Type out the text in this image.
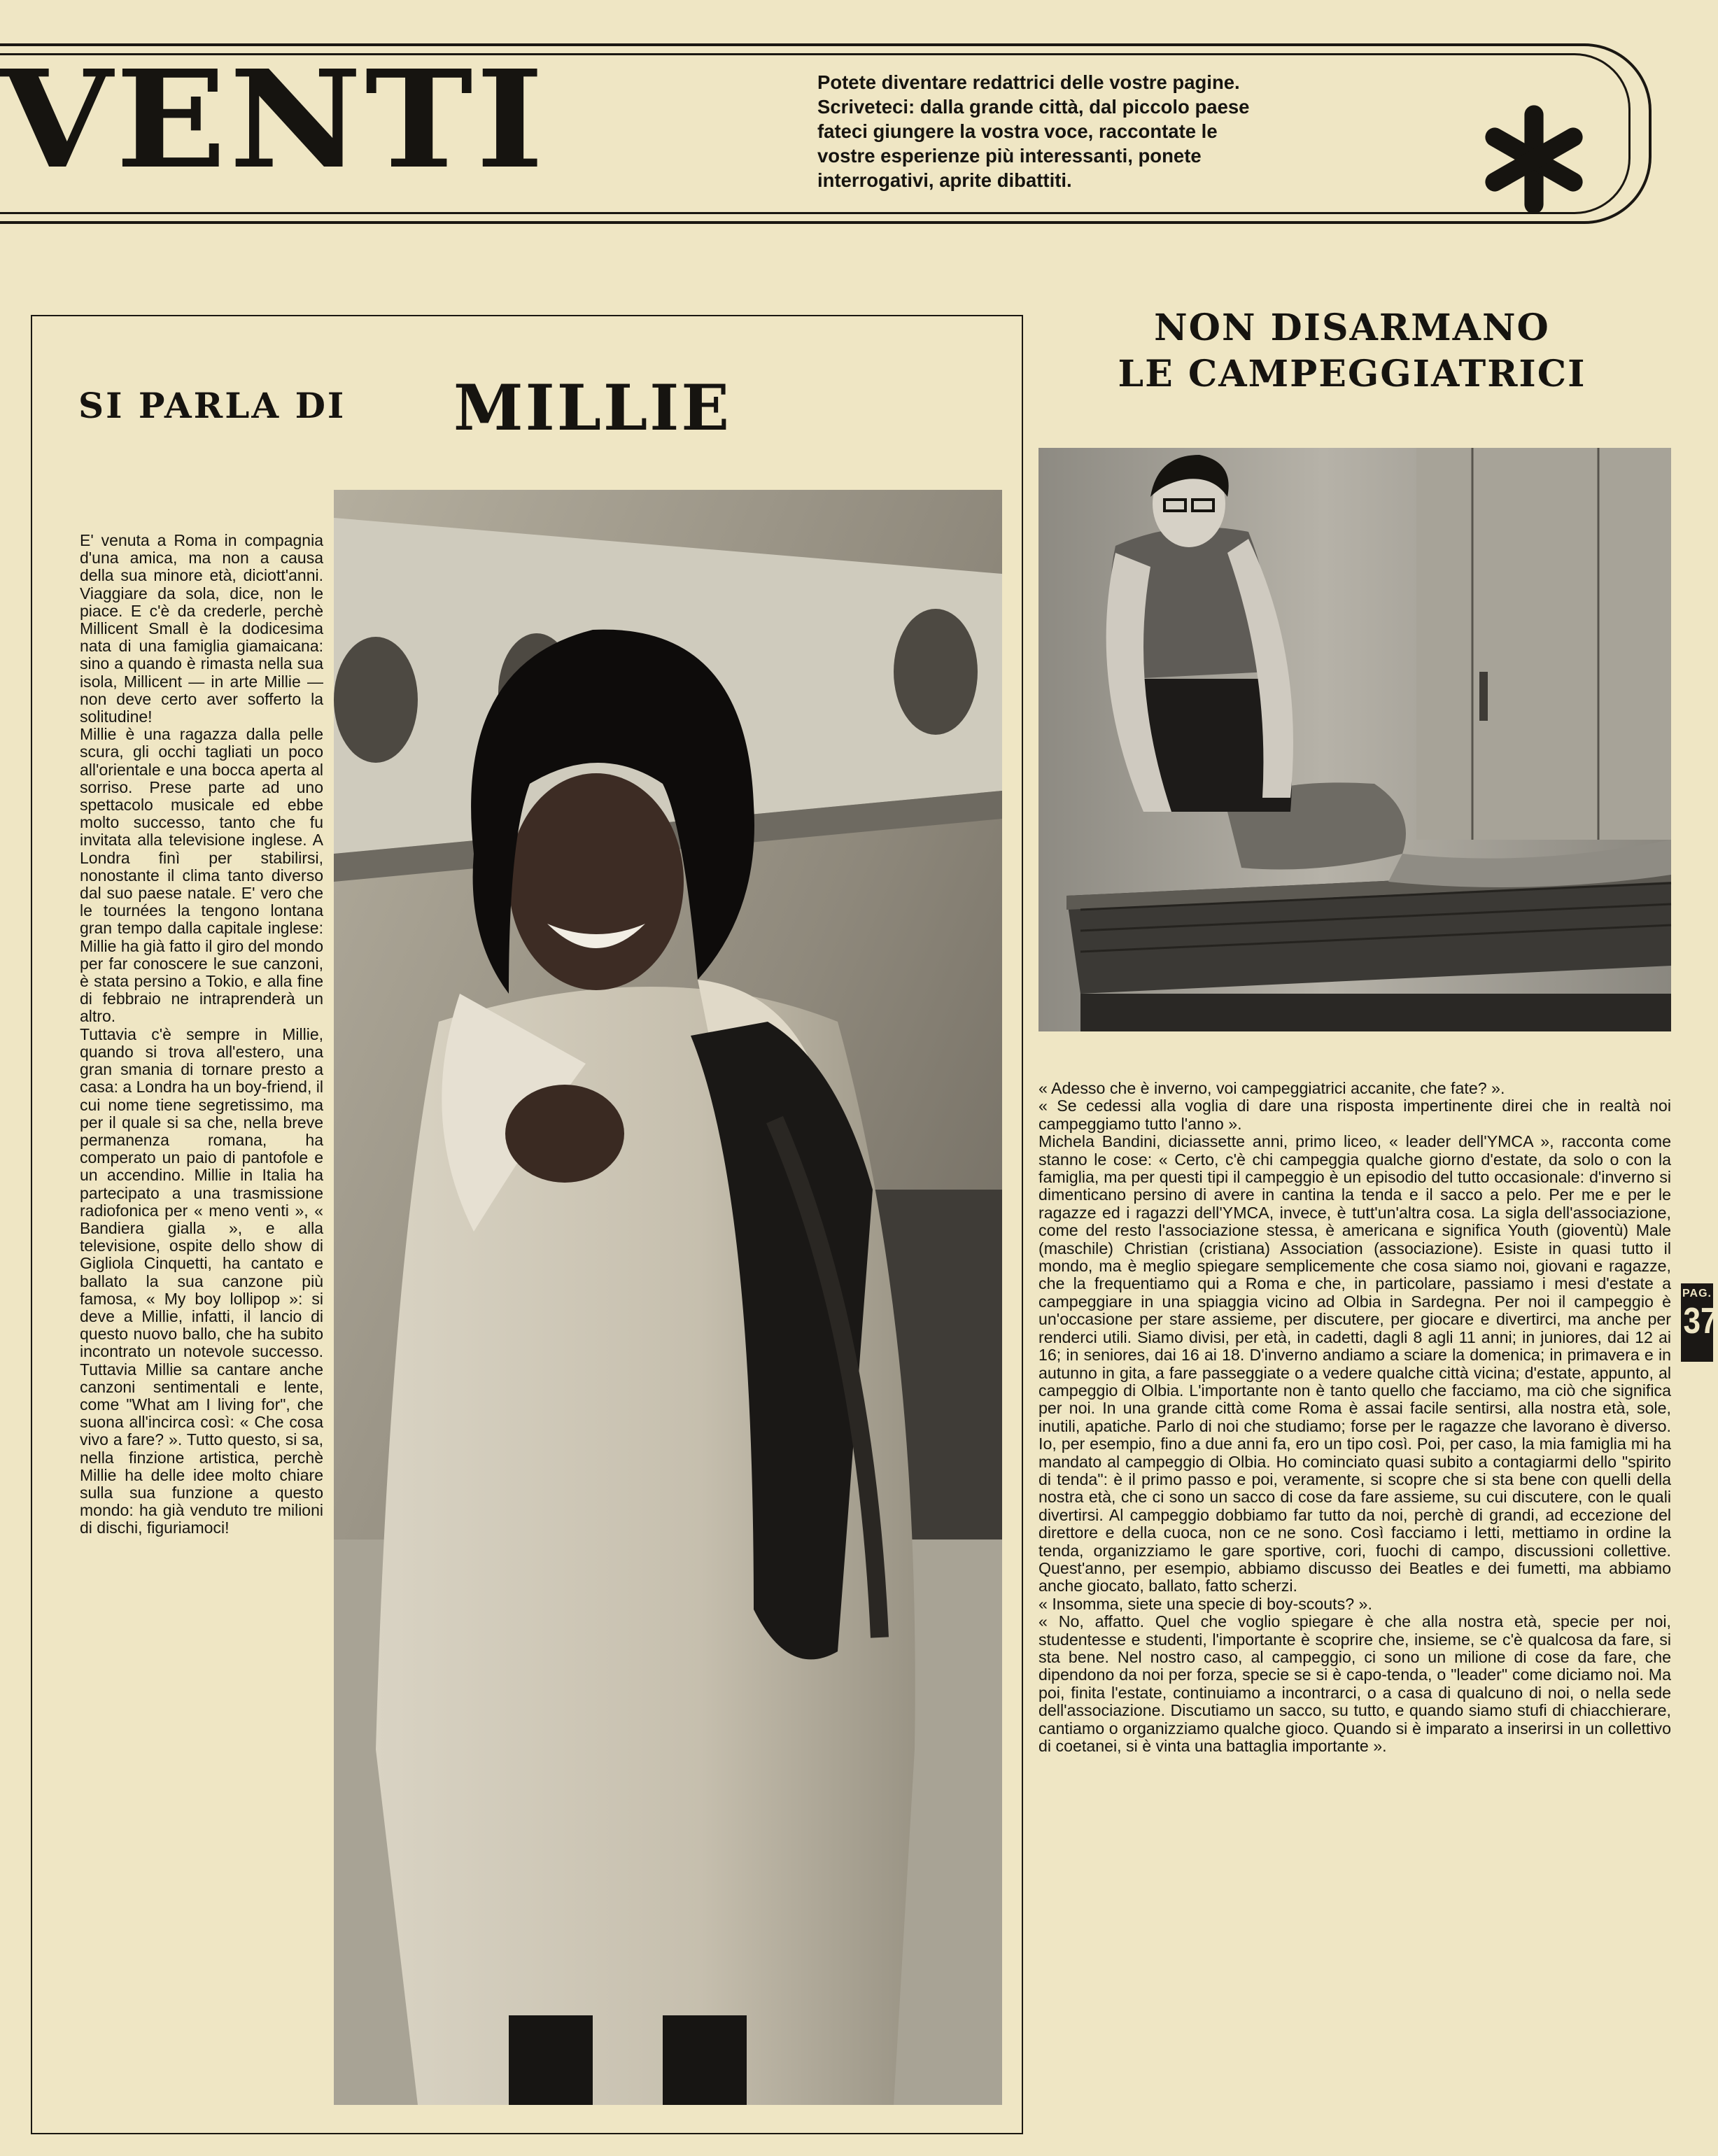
VENTI	Potete diventare redattrici delle vostre pagine. Scriveteci: dalla grande città, dal piccolo paese fateci giungere la vostra voce, raccontate le vostre esperienze più interessanti, ponete interrogativi, aprite dibattiti.
SI PARLA DI MILLIE

E' venuta a Roma in compagnia d'una amica, ma non a causa della sua minore età, diciott'anni. Viaggiare da sola, dice, non le piace. E c'è da crederle, perchè Millicent Small è la dodicesima nata di una famiglia giamaicana: sino a quando è rimasta nella sua isola, Millicent — in arte Millie — non deve certo aver sofferto la solitudine!

Millie è una ragazza dalla pelle scura, gli occhi tagliati un poco all'orientale e una bocca aperta al sorriso. Prese parte ad uno spettacolo musicale ed ebbe molto successo, tanto che fu invitata alla televisione inglese. A Londra finì per stabilirsi, nonostante il clima tanto diverso dal suo paese natale. E' vero che le tournées la tengono lontana gran tempo dalla capitale inglese: Millie ha già fatto il giro del mondo per far conoscere le sue canzoni, è stata persino a Tokio, e alla fine di febbraio ne intraprenderà un altro.

Tuttavia c'è sempre in Millie, quando si trova all'estero, una gran smania di tornare presto a casa: a Londra ha un boy-friend, il cui nome tiene segretissimo, ma per il quale si sa che, nella breve permanenza romana, ha comperato un paio di pantofole e un accendino. Millie in Italia ha partecipato a una trasmissione radiofonica per « meno venti », « Bandiera gialla », e alla televisione, ospite dello show di Gigliola Cinquetti, ha cantato e ballato la sua canzone più famosa, « My boy lollipop »: si deve a Millie, infatti, il lancio di questo nuovo ballo, che ha subito incontrato un notevole successo. Tuttavia Millie sa cantare anche canzoni sentimentali e lente, come "What am I living for", che suona all'incirca così: « Che cosa vivo a fare? ». Tutto questo, si sa, nella finzione artistica, perchè Millie ha delle idee molto chiare sulla sua funzione a questo mondo: ha già venduto tre milioni di dischi, figuriamoci!

NON DISARMANO
LE CAMPEGGIATRICI

« Adesso che è inverno, voi campeggiatrici accanite, che fate? ».

« Se cedessi alla voglia di dare una risposta impertinente direi che in realtà noi campeggiamo tutto l'anno ».

Michela Bandini, diciassette anni, primo liceo, « leader dell'YMCA », racconta come stanno le cose: « Certo, c'è chi campeggia qualche giorno d'estate, da solo o con la famiglia, ma per questi tipi il campeggio è un episodio del tutto occasionale: d'inverno si dimenticano persino di avere in cantina la tenda e il sacco a pelo. Per me e per le ragazze ed i ragazzi dell'YMCA, invece, è tutt'un'altra cosa. La sigla dell'associazione, come del resto l'associazione stessa, è americana e significa Youth (gioventù) Male (maschile) Christian (cristiana) Association (associazione). Esiste in quasi tutto il mondo, ma è meglio spiegare semplicemente che cosa siamo noi, giovani e ragazze, che la frequentiamo qui a Roma e che, in particolare, passiamo i mesi d'estate a campeggiare in una spiaggia vicino ad Olbia in Sardegna. Per noi il campeggio è un'occasione per stare assieme, per discutere, per giocare e divertirci, ma anche per renderci utili. Siamo divisi, per età, in cadetti, dagli 8 agli 11 anni; in juniores, dai 12 ai 16; in seniores, dai 16 ai 18. D'inverno andiamo a sciare la domenica; in primavera e in autunno in gita, a fare passeggiate o a vedere qualche città vicina; d'estate, appunto, al campeggio di Olbia. L'importante non è tanto quello che facciamo, ma ciò che significa per noi. In una grande città come Roma è assai facile sentirsi, alla nostra età, sole, inutili, apatiche. Parlo di noi che studiamo; forse per le ragazze che lavorano è diverso. Io, per esempio, fino a due anni fa, ero un tipo così. Poi, per caso, la mia famiglia mi ha mandato al campeggio di Olbia. Ho cominciato quasi subito a contagiarmi dello "spirito di tenda": è il primo passo e poi, veramente, si scopre che si sta bene con quelli della nostra età, che ci sono un sacco di cose da fare assieme, su cui discutere, con le quali divertirsi. Al campeggio dobbiamo far tutto da noi, perchè di grandi, ad eccezione del direttore e della cuoca, non ce ne sono. Così facciamo i letti, mettiamo in ordine la tenda, organizziamo le gare sportive, cori, fuochi di campo, discussioni collettive. Quest'anno, per esempio, abbiamo discusso dei Beatles e dei fumetti, ma abbiamo anche giocato, ballato, fatto scherzi.

« Insomma, siete una specie di boy-scouts? ».

« No, affatto. Quel che voglio spiegare è che alla nostra età, specie per noi, studentesse e studenti, l'importante è scoprire che, insieme, se c'è qualcosa da fare, si sta bene. Nel nostro caso, al campeggio, ci sono un milione di cose da fare, che dipendono da noi per forza, specie se si è capo-tenda, o "leader" come diciamo noi. Ma poi, finita l'estate, continuiamo a incontrarci, o a casa di qualcuno di noi, o nella sede dell'associazione. Discutiamo un sacco, su tutto, e quando siamo stufi di chiacchierare, cantiamo o organizziamo qualche gioco. Quando si è imparato a inserirsi in un collettivo di coetanei, si è vinta una battaglia importante ».

PAG.
37
